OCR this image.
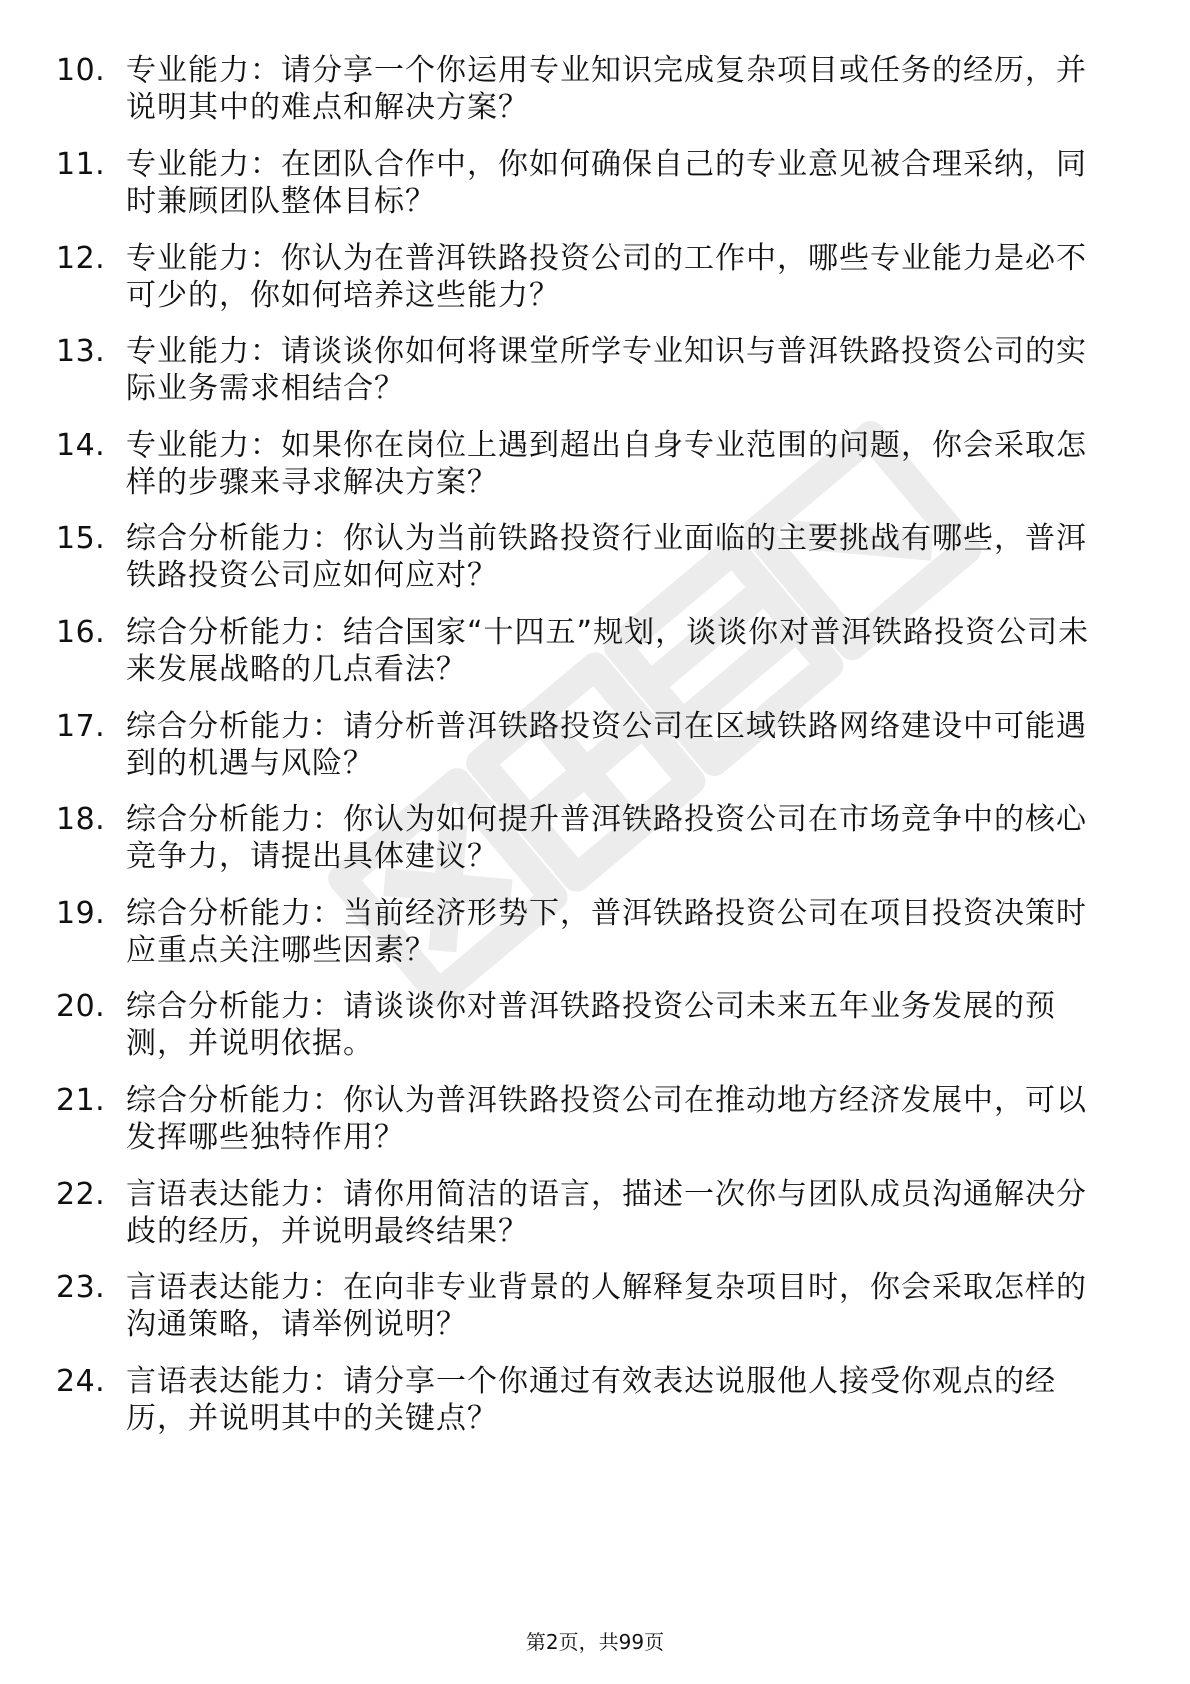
10. 专业能力：请分享一个你运用专业知识完成复杂项目或任务的经历，并说明其中的难点和解决方案？
11. 专业能力：在团队合作中，你如何确保自己的专业意见被合理采纳，同时兼顾团队整体目标？
12. 专业能力：你认为在普洱铁路投资公司的工作中，哪些专业能力是必不可少的，你如何培养这些能力？
13. 专业能力：请谈谈你如何将课堂所学专业知识与普洱铁路投资公司的实际业务需求相结合？
14. 专业能力：如果你在岗位上遇到超出自身专业范围的问题，你会采取怎样的步骤来寻求解决方案？
15. 综合分析能力：你认为当前铁路投资行业面临的主要挑战有哪些，普洱铁路投资公司应如何应对？
16. 综合分析能力：结合国家“十四五”规划，谈谈你对普洱铁路投资公司未来发展战略的几点看法？
17. 综合分析能力：请分析普洱铁路投资公司在区域铁路网络建设中可能遇到的机遇与风险？
18. 综合分析能力：你认为如何提升普洱铁路投资公司在市场竞争中的核心竞争力，请提出具体建议？
19. 综合分析能力：当前经济形势下，普洱铁路投资公司在项目投资决策时应重点关注哪些因素？
20. 综合分析能力：请谈谈你对普洱铁路投资公司未来五年业务发展的预测，并说明依据。
21. 综合分析能力：你认为普洱铁路投资公司在推动地方经济发展中，可以发挥哪些独特作用？
22. 言语表达能力：请你用简洁的语言，描述一次你与团队成员沟通解决分歧的经历，并说明最终结果？
23. 言语表达能力：在向非专业背景的人解释复杂项目时，你会采取怎样的沟通策略，请举例说明？
24. 言语表达能力：请分享一个你通过有效表达说服他人接受你观点的经历，并说明其中的关键点？
第2页，共99页
